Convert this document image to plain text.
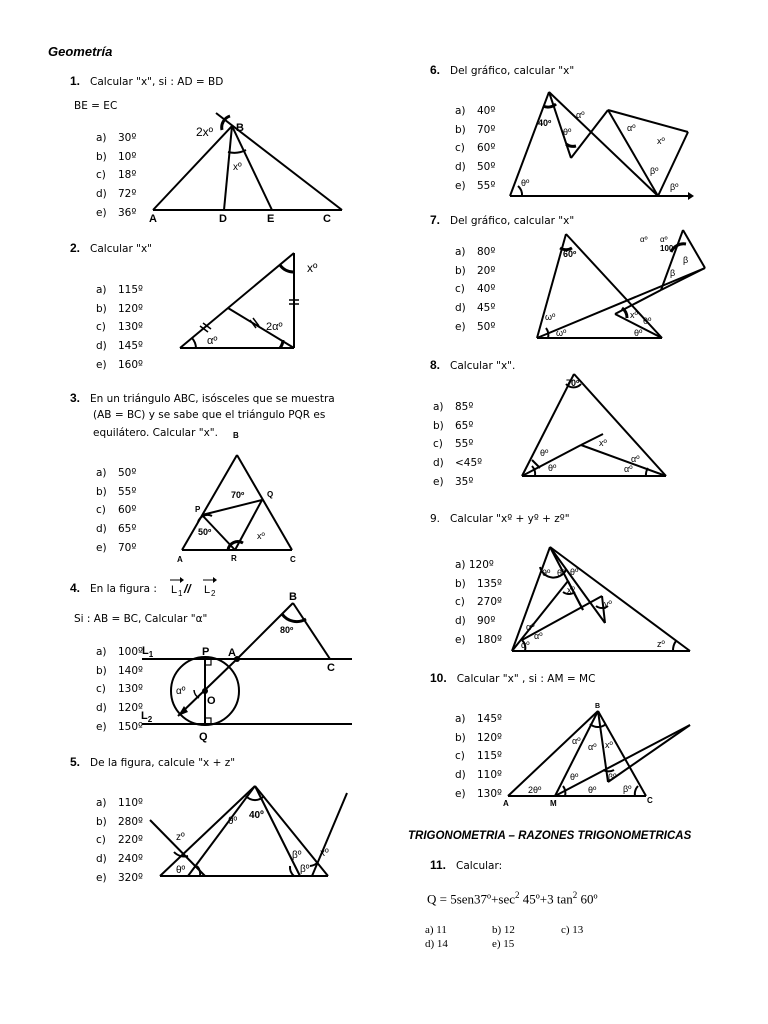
Geometría
1. Calcular "x", si : AD = BD
BE = EC
a) 30º
b) 10º
c) 18º
d) 72º
e) 36º
2xº B
xº
A	D	E	C
2. Calcular "x"
a) 115º
b) 120º
c) 130º
d) 145º
e) 160º
xº
αº
2αº
3. En un triángulo ABC, isósceles que se muestra
(AB = BC) y se sabe que el triángulo PQR es
equilátero. Calcular "x".
a) 50º
b) 55º
c) 60º
d) 65º
e) 70º
B
P
Q
70º
50º	xº
A	R	C
4. En la figura : L 1 // L 2
Si : AB = BC, Calcular "α"
a) 100º
b) 140º
c) 130º
d) 120º
e) 150º
B
80º
C
P A
$L_1$
$L_2$
αº
O
Q
5. De la figura, calcule "x + z"
a) 110º
b) 280º
c) 220º
d) 240º
e) 320º
zº
θº
40º
βº xº
θº	βº
6. Del gráfico, calcular "x"
a) 40º
b) 70º
c) 60º
d) 50º
e) 55º
40º
αº
θº	αº
xº
βº
θº	βº
7. Del gráfico, calcular "x"
a) 80º
b) 20º
c) 40º
d) 45º
e) 50º
60º
αº αº
100º
β
β
ωº
ωº
xº
θº
θº
8. Calcular "x".
a) 85º
b) 65º
c) 55º
d) <45º
e) 35º
70º
θº
θº
xº
αº
αº
9. Calcular "xº + yº + zº"
a) 120º
b) 135º
c) 270º
d) 90º
e) 180º
θº θº θº
xº
yº
zº
αº
αº
αº
10. Calcular "x" , si : AM = MC
a) 145º
b) 120º
c) 115º
d) 110º
e) 130º
B
αº
αº xº
θº
2θº	θº
βº
βº
A	M	C
TRIGONOMETRIA – RAZONES TRIGONOMETRICAS
11. Calcular:
$Q = 5sen37º+\sec^2$ 45º+3 $\tan^2$ 60º
a) 11	b) 12	c) 13
d) 14	e) 15
